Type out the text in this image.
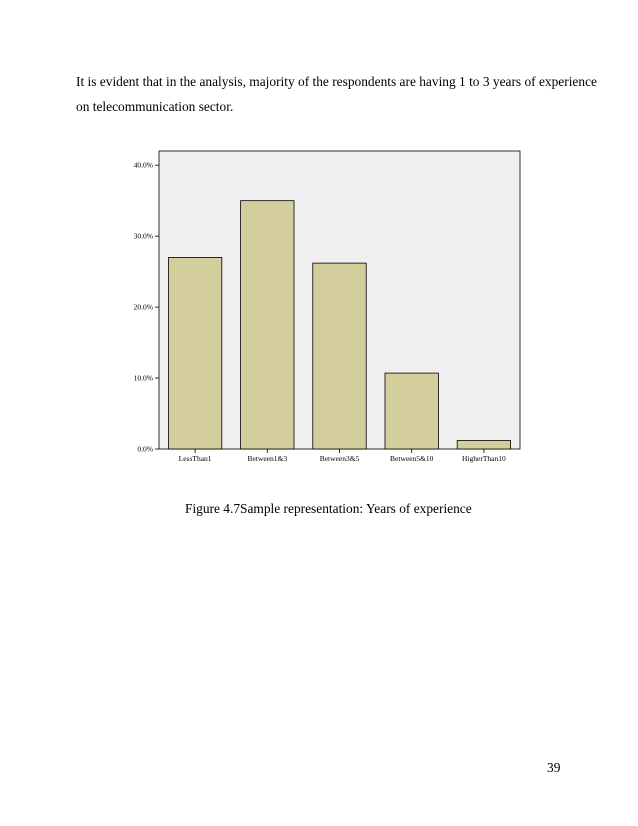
It is evident that in the analysis, majority of the respondents are having 1 to 3 years of experience
on telecommunication sector.

0.0%
10.0%
20.0%
30.0%
40.0%
LessThan1	Between1&3	Between3&5	Between5&10	HigherThan10
Figure 4.7Sample representation: Years of experience
39
